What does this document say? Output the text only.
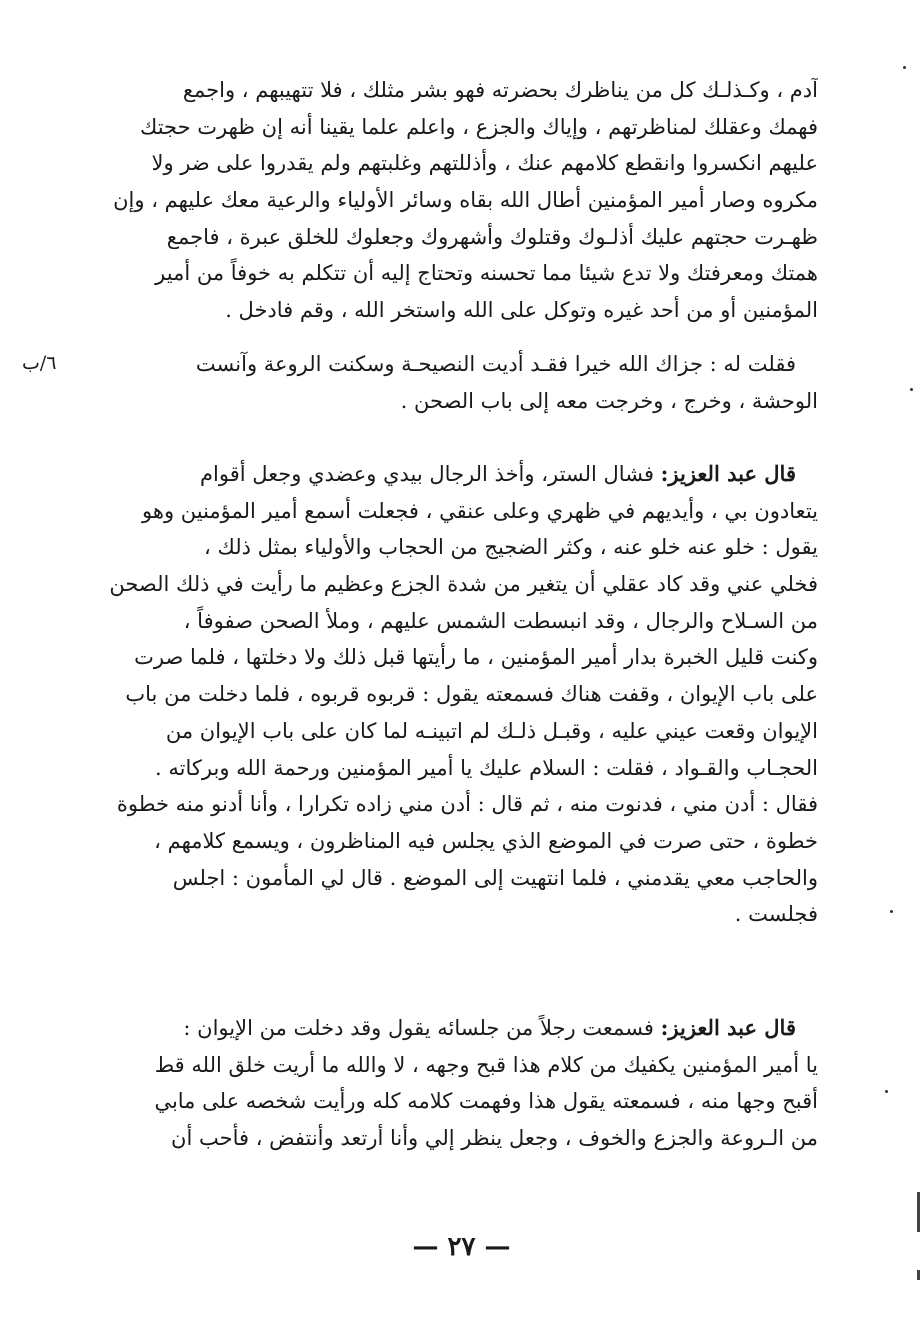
آدم ، وكـذلـك كل من يناظرك بحضرته فهو بشر مثلك ، فلا تتهيبهم ، واجمع
فهمك وعقلك لمناظرتهم ، وإياك والجزع ، واعلم علما يقينا أنه إن ظهرت حجتك
عليهم انكسروا وانقطع كلامهم عنك ، وأذللتهم وغلبتهم ولم يقدروا على ضر ولا
مكروه وصار أمير المؤمنين أطال الله بقاه وسائر الأولياء والرعية معك عليهم ، وإن
ظهـرت حجتهم عليك أذلـوك وقتلوك وأشهروك وجعلوك للخلق عبرة ، فاجمع
همتك ومعرفتك ولا تدع شيئا مما تحسنه وتحتاج إليه أن تتكلم به خوفاً من أمير
المؤمنين أو من أحد غيره وتوكل على الله واستخر الله ، وقم فادخل .
فقلت له : جزاك الله خيرا فقـد أديت النصيحـة وسكنت الروعة وآنست
الوحشة ، وخرج ، وخرجت معه إلى باب الصحن .
٦/ب
قال عبد العزيز: فشال الستر، وأخذ الرجال بيدي وعضدي وجعل أقوام
يتعادون بي ، وأيديهم في ظهري وعلى عنقي ، فجعلت أسمع أمير المؤمنين وهو
يقول : خلو عنه خلو عنه ، وكثر الضجيج من الحجاب والأولياء بمثل ذلك ،
فخلي عني وقد كاد عقلي أن يتغير من شدة الجزع وعظيم ما رأيت في ذلك الصحن
من السـلاح والرجال ، وقد انبسطت الشمس عليهم ، وملأ الصحن صفوفاً ،
وكنت قليل الخبرة بدار أمير المؤمنين ، ما رأيتها قبل ذلك ولا دخلتها ، فلما صرت
على باب الإيوان ، وقفت هناك فسمعته يقول : قربوه قربوه ، فلما دخلت من باب
الإيوان وقعت عيني عليه ، وقبـل ذلـك لم اتبينـه لما كان على باب الإيوان من
الحجـاب والقـواد ، فقلت : السلام عليك يا أمير المؤمنين ورحمة الله وبركاته .
فقال : أدن مني ، فدنوت منه ، ثم قال : أدن مني زاده تكرارا ، وأنا أدنو منه خطوة
خطوة ، حتى صرت في الموضع الذي يجلس فيه المناظرون ، ويسمع كلامهم ،
والحاجب معي يقدمني ، فلما انتهيت إلى الموضع . قال لي المأمون : اجلس
فجلست .
قال عبد العزيز: فسمعت رجلاً من جلسائه يقول وقد دخلت من الإيوان :
يا أمير المؤمنين يكفيك من كلام هذا قبح وجهه ، لا والله ما أريت خلق الله قط
أقبح وجها منه ، فسمعته يقول هذا وفهمت كلامه كله ورأيت شخصه على مابي
من الـروعة والجزع والخوف ، وجعل ينظر إلي وأنا أرتعد وأنتفض ، فأحب أن
— ٢٧ —
